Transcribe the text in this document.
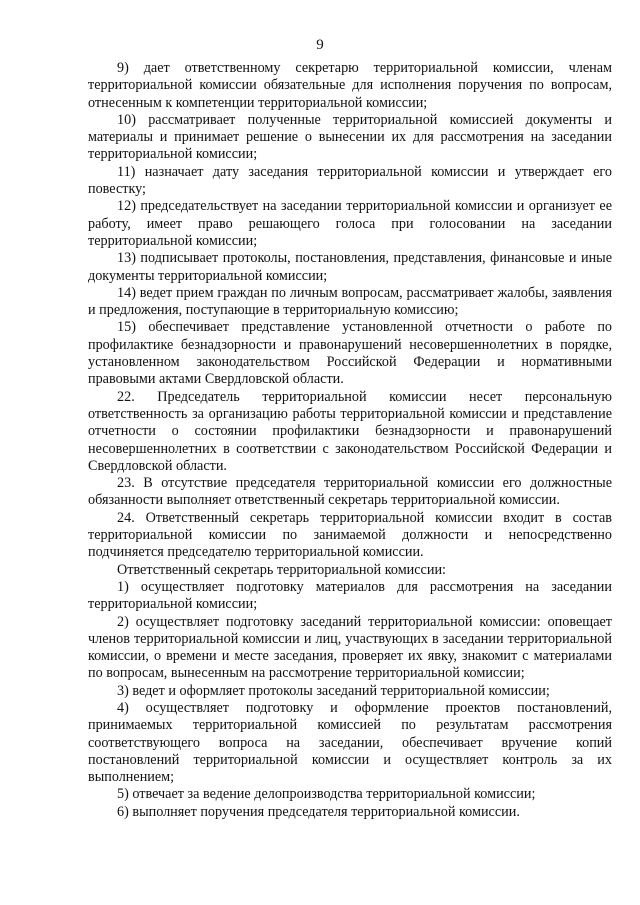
9

9) дает ответственному секретарю территориальной комиссии, членам территориальной комиссии обязательные для исполнения поручения по вопросам, отнесенным к компетенции территориальной комиссии;

10) рассматривает полученные территориальной комиссией документы и материалы и принимает решение о вынесении их для рассмотрения на заседании территориальной комиссии;

11) назначает дату заседания территориальной комиссии и утверждает его повестку;

12) председательствует на заседании территориальной комиссии и организует ее работу, имеет право решающего голоса при голосовании на заседании территориальной комиссии;

13) подписывает протоколы, постановления, представления, финансовые и иные документы территориальной комиссии;

14) ведет прием граждан по личным вопросам, рассматривает жалобы, заявления и предложения, поступающие в территориальную комиссию;

15) обеспечивает представление установленной отчетности о работе по профилактике безнадзорности и правонарушений несовершеннолетних в порядке, установленном законодательством Российской Федерации и нормативными правовыми актами Свердловской области.

22. Председатель территориальной комиссии несет персональную ответственность за организацию работы территориальной комиссии и представление отчетности о состоянии профилактики безнадзорности и правонарушений несовершеннолетних в соответствии с законодательством Российской Федерации и Свердловской области.

23. В отсутствие председателя территориальной комиссии его должностные обязанности выполняет ответственный секретарь территориальной комиссии.

24. Ответственный секретарь территориальной комиссии входит в состав территориальной комиссии по занимаемой должности и непосредственно подчиняется председателю территориальной комиссии.

Ответственный секретарь территориальной комиссии:

1) осуществляет подготовку материалов для рассмотрения на заседании территориальной комиссии;

2) осуществляет подготовку заседаний территориальной комиссии: оповещает членов территориальной комиссии и лиц, участвующих в заседании территориальной комиссии, о времени и месте заседания, проверяет их явку, знакомит с материалами по вопросам, вынесенным на рассмотрение территориальной комиссии;

3) ведет и оформляет протоколы заседаний территориальной комиссии;

4) осуществляет подготовку и оформление проектов постановлений, принимаемых территориальной комиссией по результатам рассмотрения соответствующего вопроса на заседании, обеспечивает вручение копий постановлений территориальной комиссии и осуществляет контроль за их выполнением;

5) отвечает за ведение делопроизводства территориальной комиссии;

6) выполняет поручения председателя территориальной комиссии.
